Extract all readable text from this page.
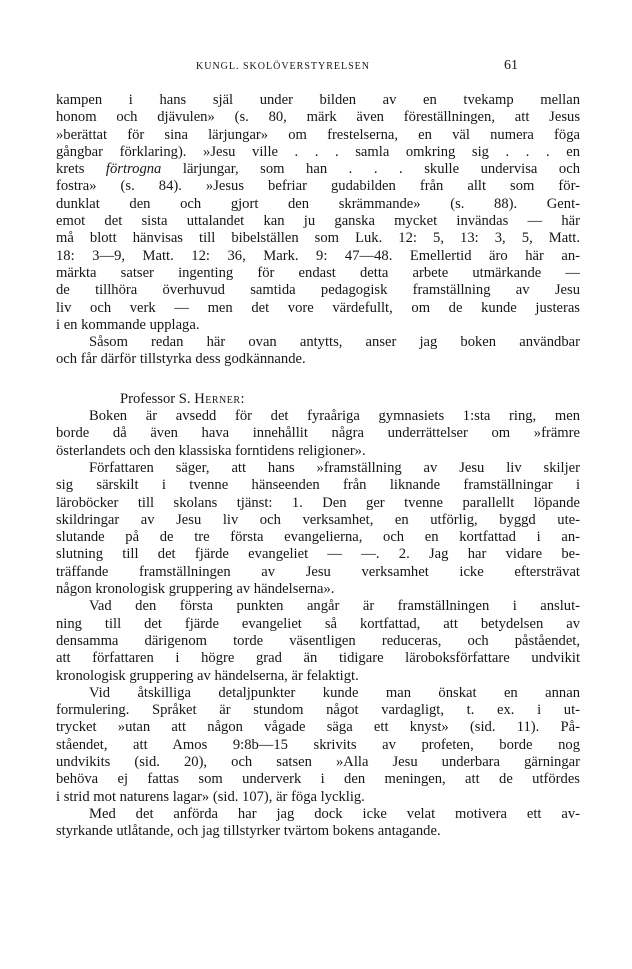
KUNGL. SKOLÖVERSTYRELSEN	61
kampen i hans själ under bilden av en tvekamp mellan
honom och djävulen» (s. 80, märk även föreställningen, att Jesus
»berättat för sina lärjungar» om frestelserna, en väl numera föga
gångbar förklaring). »Jesu ville . . . samla omkring sig . . . en
krets förtrogna lärjungar, som han . . . skulle undervisa och
fostra» (s. 84). »Jesus befriar gudabilden från allt som för-
dunklat den och gjort den skrämmande» (s. 88). Gent-
emot det sista uttalandet kan ju ganska mycket invändas — här
må blott hänvisas till bibelställen som Luk. 12: 5, 13: 3, 5, Matt.
18: 3—9, Matt. 12: 36, Mark. 9: 47—48. Emellertid äro här an-
märkta satser ingenting för endast detta arbete utmärkande —
de tillhöra överhuvud samtida pedagogisk framställning av Jesu
liv och verk — men det vore värdefullt, om de kunde justeras
i en kommande upplaga.
Såsom redan här ovan antytts, anser jag boken användbar
och får därför tillstyrka dess godkännande.
Professor S. Herner:
Boken är avsedd för det fyraåriga gymnasiets 1:sta ring, men
borde då även hava innehållit några underrättelser om »främre
österlandets och den klassiska forntidens religioner».
Författaren säger, att hans »framställning av Jesu liv skiljer
sig särskilt i tvenne hänseenden från liknande framställningar i
läroböcker till skolans tjänst: 1. Den ger tvenne parallellt löpande
skildringar av Jesu liv och verksamhet, en utförlig, byggd ute-
slutande på de tre första evangelierna, och en kortfattad i an-
slutning till det fjärde evangeliet — —. 2. Jag har vidare be-
träffande framställningen av Jesu verksamhet icke eftersträvat
någon kronologisk gruppering av händelserna».
Vad den första punkten angår är framställningen i anslut-
ning till det fjärde evangeliet så kortfattad, att betydelsen av
densamma därigenom torde väsentligen reduceras, och påståendet,
att författaren i högre grad än tidigare läroboksförfattare undvikit
kronologisk gruppering av händelserna, är felaktigt.
Vid åtskilliga detaljpunkter kunde man önskat en annan
formulering. Språket är stundom något vardagligt, t. ex. i ut-
trycket »utan att någon vågade säga ett knyst» (sid. 11). På-
ståendet, att Amos 9:8b—15 skrivits av profeten, borde nog
undvikits (sid. 20), och satsen »Alla Jesu underbara gärningar
behöva ej fattas som underverk i den meningen, att de utfördes
i strid mot naturens lagar» (sid. 107), är föga lycklig.
Med det anförda har jag dock icke velat motivera ett av-
styrkande utlåtande, och jag tillstyrker tvärtom bokens antagande.
